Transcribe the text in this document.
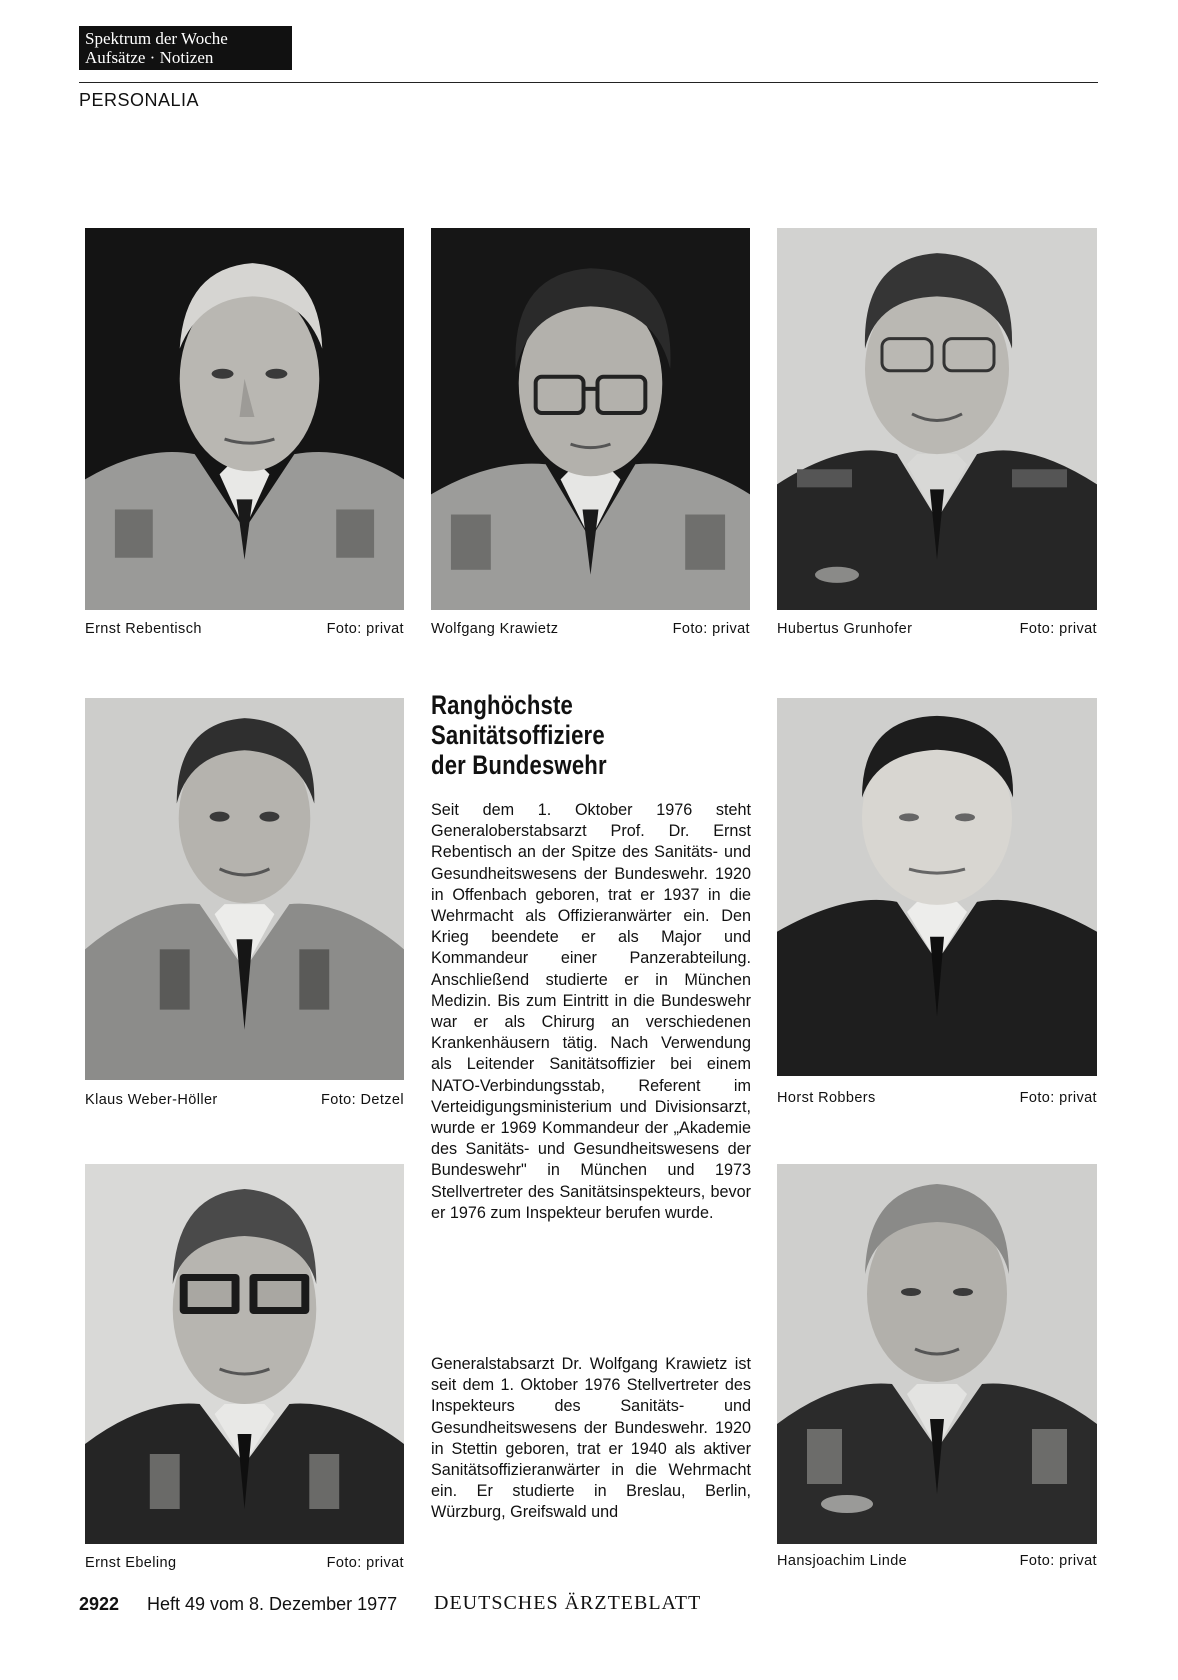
Spektrum der Woche
Aufsätze · Notizen
PERSONALIA
Ernst Rebentisch	Foto: privat Wolfgang Krawietz	Foto: privat Hubertus Grunhofer	Foto: privat
Klaus Weber-Höller	Foto: Detzel
Ranghöchste
Sanitätsoffiziere
der Bundeswehr
Seit dem 1. Oktober 1976 steht Generaloberstabsarzt Prof. Dr. Ernst Rebentisch an der Spitze des Sanitäts- und Gesundheitswesens der Bundeswehr. 1920 in Offenbach geboren, trat er 1937 in die Wehrmacht als Offizieranwärter ein. Den Krieg beendete er als Major und Kommandeur einer Panzerabteilung. Anschließend studierte er in München Medizin. Bis zum Eintritt in die Bundeswehr war er als Chirurg an verschiedenen Krankenhäusern tätig. Nach Verwendung als Leitender Sanitätsoffizier bei einem NATO-Verbindungsstab, Referent im Verteidigungsministerium und Divisionsarzt, wurde er 1969 Kommandeur der „Akademie des Sanitäts- und Gesundheitswesens der Bundeswehr" in München und 1973 Stellvertreter des Sanitätsinspekteurs, bevor er 1976 zum Inspekteur berufen wurde.
Generalstabsarzt Dr. Wolfgang Krawietz ist seit dem 1. Oktober 1976 Stellvertreter des Inspekteurs des Sanitäts- und Gesundheitswesens der Bundeswehr. 1920 in Stettin geboren, trat er 1940 als aktiver Sanitätsoffizieranwärter in die Wehrmacht ein. Er studierte in Breslau, Berlin, Würzburg, Greifswald und
Horst Robbers	Foto: privat
Ernst Ebeling	Foto: privat	Hansjoachim Linde	Foto: privat
2922 Heft 49 vom 8. Dezember 1977 DEUTSCHES ÄRZTEBLATT
